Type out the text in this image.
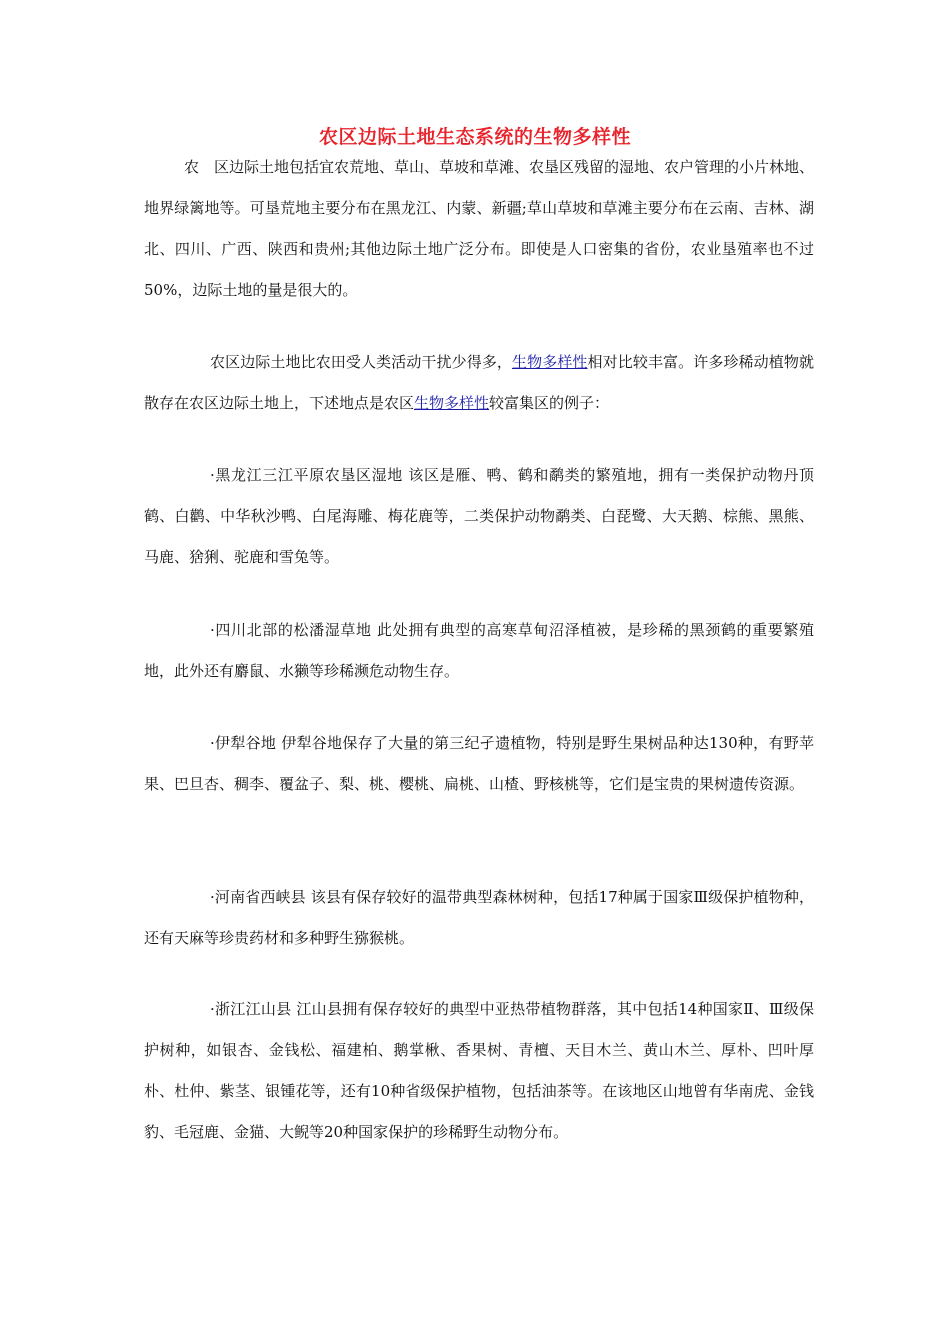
农区边际土地生态系统的生物多样性

农　区边际土地包括宜农荒地、草山、草坡和草滩、农垦区残留的湿地、农户管理的小片林地、地界绿篱地等。可垦荒地主要分布在黑龙江、内蒙、新疆;草山草坡和草滩主要分布在云南、吉林、湖北、四川、广西、陕西和贵州;其他边际土地广泛分布。即使是人口密集的省份，农业垦殖率也不过50%，边际土地的量是很大的。

农区边际土地比农田受人类活动干扰少得多，生物多样性相对比较丰富。许多珍稀动植物就散存在农区边际土地上，下述地点是农区生物多样性较富集区的例子：

·黑龙江三江平原农垦区湿地 该区是雁、鸭、鹤和鹬类的繁殖地，拥有一类保护动物丹顶鹤、白鹳、中华秋沙鸭、白尾海雕、梅花鹿等，二类保护动物鹬类、白琵鹭、大天鹅、棕熊、黑熊、马鹿、猞猁、驼鹿和雪兔等。

·四川北部的松潘湿草地 此处拥有典型的高寒草甸沼泽植被，是珍稀的黑颈鹤的重要繁殖地，此外还有麝鼠、水獭等珍稀濒危动物生存。

·伊犁谷地 伊犁谷地保存了大量的第三纪孑遗植物，特别是野生果树品种达130种，有野苹果、巴旦杏、稠李、覆盆子、梨、桃、樱桃、扁桃、山楂、野核桃等，它们是宝贵的果树遗传资源。

·河南省西峡县 该县有保存较好的温带典型森林树种，包括17种属于国家Ⅲ级保护植物种，还有天麻等珍贵药材和多种野生猕猴桃。

·浙江江山县 江山县拥有保存较好的典型中亚热带植物群落，其中包括14种国家Ⅱ、Ⅲ级保护树种，如银杏、金钱松、福建柏、鹅掌楸、香果树、青檀、天目木兰、黄山木兰、厚朴、凹叶厚朴、杜仲、紫茎、银锺花等，还有10种省级保护植物，包括油茶等。在该地区山地曾有华南虎、金钱豹、毛冠鹿、金猫、大鲵等20种国家保护的珍稀野生动物分布。
